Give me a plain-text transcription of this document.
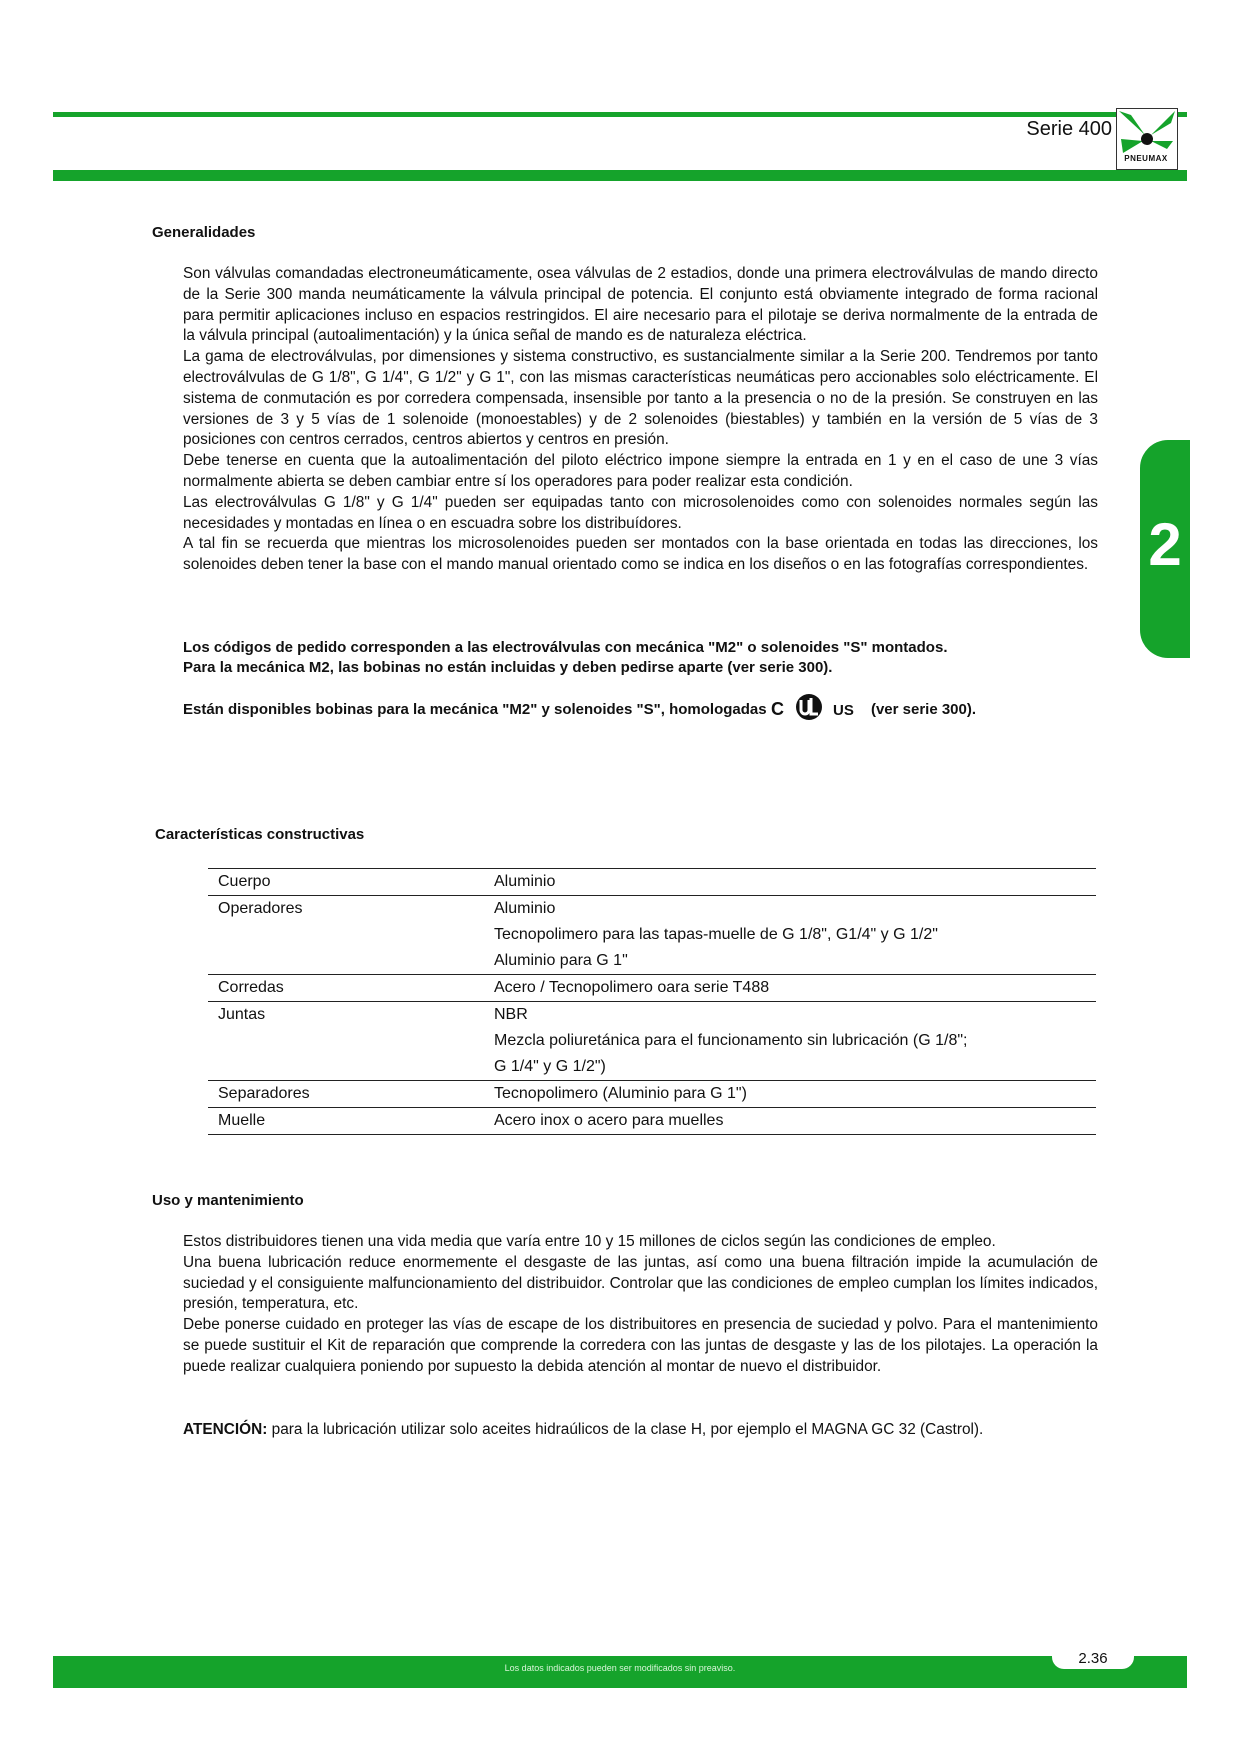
Serie 400
PNEUMAX
2
Generalidades

Son válvulas comandadas electroneumáticamente, osea válvulas de 2 estadios, donde una primera electroválvulas de mando directo de la Serie 300 manda neumáticamente la válvula principal de potencia. El conjunto está obviamente integrado de forma racional para permitir aplicaciones incluso en espacios restringidos. El aire necesario para el pilotaje se deriva normalmente de la entrada de la válvula principal (autoalimentación) y la única señal de mando es de naturaleza eléctrica.

La gama de electroválvulas, por dimensiones y sistema constructivo, es sustancialmente similar a la Serie 200. Tendremos por tanto electroválvulas de G 1/8", G 1/4", G 1/2" y G 1", con las mismas características neumáticas pero accionables solo eléctricamente. El sistema de conmutación es por corredera compensada, insensible por tanto a la presencia o no de la presión. Se construyen en las versiones de 3 y 5 vías de 1 solenoide (monoestables) y de 2 solenoides (biestables) y también en la versión de 5 vías de 3 posiciones con centros cerrados, centros abiertos y centros en presión.

Debe tenerse en cuenta que la autoalimentación del piloto eléctrico impone siempre la entrada en 1 y en el caso de une 3 vías normalmente abierta se deben cambiar entre sí los operadores para poder realizar esta condición.

Las electroválvulas G 1/8" y G 1/4" pueden ser equipadas tanto con microsolenoides como con solenoides normales según las necesidades y montadas en línea o en escuadra sobre los distribuídores.

A tal fin se recuerda que mientras los microsolenoides pueden ser montados con la base orientada en todas las direcciones, los solenoides deben tener la base con el mando manual orientado como se indica en los diseños o en las fotografías correspondientes.

Los códigos de pedido corresponden a las electroválvulas con mecánica "M2" o solenoides "S" montados.
Para la mecánica M2, las bobinas no están incluidas y deben pedirse aparte (ver serie 300).
Están disponibles bobinas para la mecánica "M2" y solenoides "S", homologadas C	US (ver serie 300).
Características constructivas
Cuerpo	Aluminio
Operadores	Aluminio
	Tecnopolimero para las tapas-muelle de G 1/8", G1/4" y G 1/2"
	Aluminio para G 1"
Corredas	Acero / Tecnopolimero oara serie T488
Juntas	NBR
	Mezcla poliuretánica para el funcionamento sin lubricación (G 1/8";
	G 1/4" y G 1/2")
Separadores	Tecnopolimero (Aluminio para G 1")
Muelle	Acero inox o acero para muelles
Uso y mantenimiento

Estos distribuidores tienen una vida media que varía entre 10 y 15 millones de ciclos según las condiciones de empleo.

Una buena lubricación reduce enormemente el desgaste de las juntas, así como una buena filtración impide la acumulación de suciedad y el consiguiente malfuncionamiento del distribuidor. Controlar que las condiciones de empleo cumplan los límites indicados, presión, temperatura, etc.

Debe ponerse cuidado en proteger las vías de escape de los distribuitores en presencia de suciedad y polvo. Para el mantenimiento se puede sustituir el Kit de reparación que comprende la corredera con las juntas de desgaste y las de los pilotajes. La operación la puede realizar cualquiera poniendo por supuesto la debida atención al montar de nuevo el distribuidor.

ATENCIÓN: para la lubricación utilizar solo aceites hidraúlicos de la clase H, por ejemplo el MAGNA GC 32 (Castrol).

Los datos indicados pueden ser modificados sin preaviso.
2.36
